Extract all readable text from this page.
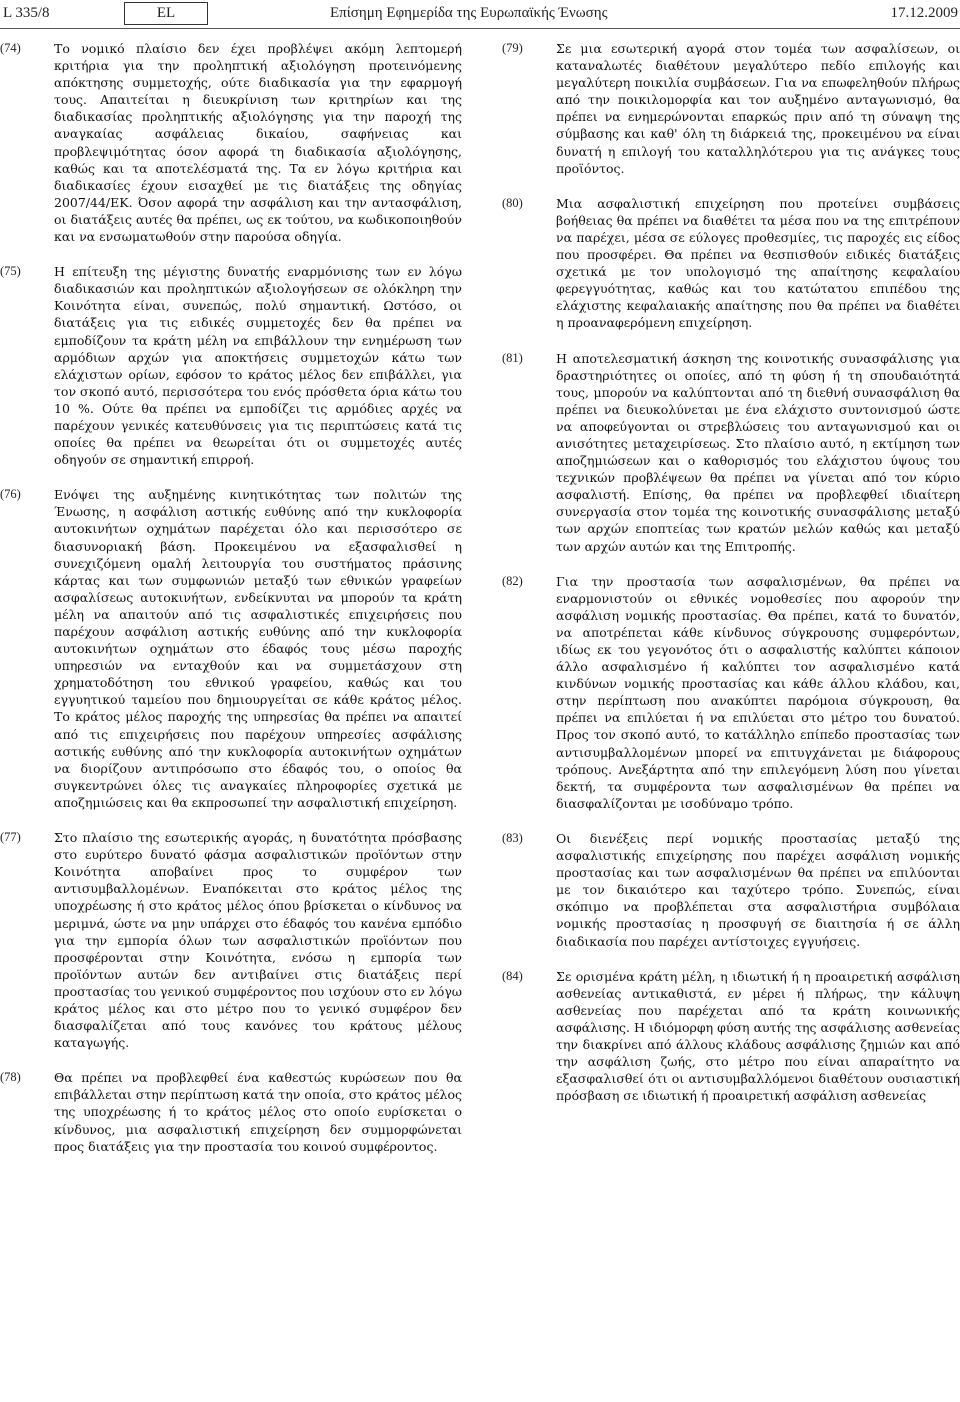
L 335/8	EL	Επίσημη Εφημερίδα της Ευρωπαϊκής Ένωσης	17.12.2009
(74)	Το νομικό πλαίσιο δεν έχει προβλέψει ακόμη λεπτομερή κριτήρια για την προληπτική αξιολόγηση προτεινόμενης απόκτησης συμμετοχής, ούτε διαδικασία για την εφαρμογή τους. Απαιτείται η διευκρίνιση των κριτηρίων και της διαδικασίας προληπτικής αξιολόγησης για την παροχή της αναγκαίας ασφάλειας δικαίου, σαφήνειας και προβλεψιμότητας όσον αφορά τη διαδικασία αξιολόγησης, καθώς και τα αποτελέσματά της. Τα εν λόγω κριτήρια και διαδικασίες έχουν εισαχθεί με τις διατάξεις της οδηγίας 2007/44/ΕΚ. Όσον αφορά την ασφάλιση και την αντασφάλιση, οι διατάξεις αυτές θα πρέπει, ως εκ τούτου, να κωδικοποιηθούν και να ενσωματωθούν στην παρούσα οδηγία.
(75)	Η επίτευξη της μέγιστης δυνατής εναρμόνισης των εν λόγω διαδικασιών και προληπτικών αξιολογήσεων σε ολόκληρη την Κοινότητα είναι, συνεπώς, πολύ σημαντική. Ωστόσο, οι διατάξεις για τις ειδικές συμμετοχές δεν θα πρέπει να εμποδίζουν τα κράτη μέλη να επιβάλλουν την ενημέρωση των αρμόδιων αρχών για αποκτήσεις συμμετοχών κάτω των ελάχιστων ορίων, εφόσον το κράτος μέλος δεν επιβάλλει, για τον σκοπό αυτό, περισσότερα του ενός πρόσθετα όρια κάτω του 10 %. Ούτε θα πρέπει να εμποδίζει τις αρμόδιες αρχές να παρέχουν γενικές κατευθύνσεις για τις περιπτώσεις κατά τις οποίες θα πρέπει να θεωρείται ότι οι συμμετοχές αυτές οδηγούν σε σημαντική επιρροή.
(76)	Ενόψει της αυξημένης κινητικότητας των πολιτών της Ένωσης, η ασφάλιση αστικής ευθύνης από την κυκλοφορία αυτοκινήτων οχημάτων παρέχεται όλο και περισσότερο σε διασυνοριακή βάση. Προκειμένου να εξασφαλισθεί η συνεχιζόμενη ομαλή λειτουργία του συστήματος πράσινης κάρτας και των συμφωνιών μεταξύ των εθνικών γραφείων ασφαλίσεως αυτοκινήτων, ενδείκνυται να μπορούν τα κράτη μέλη να απαιτούν από τις ασφαλιστικές επιχειρήσεις που παρέχουν ασφάλιση αστικής ευθύνης από την κυκλοφορία αυτοκινήτων οχημάτων στο έδαφός τους μέσω παροχής υπηρεσιών να ενταχθούν και να συμμετάσχουν στη χρηματοδότηση του εθνικού γραφείου, καθώς και του εγγυητικού ταμείου που δημιουργείται σε κάθε κράτος μέλος. Το κράτος μέλος παροχής της υπηρεσίας θα πρέπει να απαιτεί από τις επιχειρήσεις που παρέχουν υπηρεσίες ασφάλισης αστικής ευθύνης από την κυκλοφορία αυτοκινήτων οχημάτων να διορίζουν αντιπρόσωπο στο έδαφός του, ο οποίος θα συγκεντρώνει όλες τις αναγκαίες πληροφορίες σχετικά με αποζημιώσεις και θα εκπροσωπεί την ασφαλιστική επιχείρηση.
(77)	Στο πλαίσιο της εσωτερικής αγοράς, η δυνατότητα πρόσβασης στο ευρύτερο δυνατό φάσμα ασφαλιστικών προϊόντων στην Κοινότητα αποβαίνει προς το συμφέρον των αντισυμβαλλομένων. Εναπόκειται στο κράτος μέλος της υποχρέωσης ή στο κράτος μέλος όπου βρίσκεται ο κίνδυνος να μεριμνά, ώστε να μην υπάρχει στο έδαφός του κανένα εμπόδιο για την εμπορία όλων των ασφαλιστικών προϊόντων που προσφέρονται στην Κοινότητα, ενόσω η εμπορία των προϊόντων αυτών δεν αντιβαίνει στις διατάξεις περί προστασίας του γενικού συμφέροντος που ισχύουν στο εν λόγω κράτος μέλος και στο μέτρο που το γενικό συμφέρον δεν διασφαλίζεται από τους κανόνες του κράτους μέλους καταγωγής.
(78)	Θα πρέπει να προβλεφθεί ένα καθεστώς κυρώσεων που θα επιβάλλεται στην περίπτωση κατά την οποία, στο κράτος μέλος της υποχρέωσης ή το κράτος μέλος στο οποίο ευρίσκεται ο κίνδυνος, μια ασφαλιστική επιχείρηση δεν συμμορφώνεται προς διατάξεις για την προστασία του κοινού συμφέροντος.
(79)	Σε μια εσωτερική αγορά στον τομέα των ασφαλίσεων, οι καταναλωτές διαθέτουν μεγαλύτερο πεδίο επιλογής και μεγαλύτερη ποικιλία συμβάσεων. Για να επωφεληθούν πλήρως από την ποικιλομορφία και τον αυξημένο ανταγωνισμό, θα πρέπει να ενημερώνονται επαρκώς πριν από τη σύναψη της σύμβασης και καθ' όλη τη διάρκειά της, προκειμένου να είναι δυνατή η επιλογή του καταλληλότερου για τις ανάγκες τους προϊόντος.
(80)	Μια ασφαλιστική επιχείρηση που προτείνει συμβάσεις βοήθειας θα πρέπει να διαθέτει τα μέσα που να της επιτρέπουν να παρέχει, μέσα σε εύλογες προθεσμίες, τις παροχές εις είδος που προσφέρει. Θα πρέπει να θεσπισθούν ειδικές διατάξεις σχετικά με τον υπολογισμό της απαίτησης κεφαλαίου φερεγγυότητας, καθώς και του κατώτατου επιπέδου της ελάχιστης κεφαλαιακής απαίτησης που θα πρέπει να διαθέτει η προαναφερόμενη επιχείρηση.
(81)	Η αποτελεσματική άσκηση της κοινοτικής συνασφάλισης για δραστηριότητες οι οποίες, από τη φύση ή τη σπουδαιότητά τους, μπορούν να καλύπτονται από τη διεθνή συνασφάλιση θα πρέπει να διευκολύνεται με ένα ελάχιστο συντονισμού ώστε να αποφεύγονται οι στρεβλώσεις του ανταγωνισμού και οι ανισότητες μεταχειρίσεως. Στο πλαίσιο αυτό, η εκτίμηση των αποζημιώσεων και ο καθορισμός του ελάχιστου ύψους του τεχνικών προβλέψεων θα πρέπει να γίνεται από τον κύριο ασφαλιστή. Επίσης, θα πρέπει να προβλεφθεί ιδιαίτερη συνεργασία στον τομέα της κοινοτικής συνασφάλισης μεταξύ των αρχών εποπτείας των κρατών μελών καθώς και μεταξύ των αρχών αυτών και της Επιτροπής.
(82)	Για την προστασία των ασφαλισμένων, θα πρέπει να εναρμονιστούν οι εθνικές νομοθεσίες που αφορούν την ασφάλιση νομικής προστασίας. Θα πρέπει, κατά το δυνατόν, να αποτρέπεται κάθε κίνδυνος σύγκρουσης συμφερόντων, ιδίως εκ του γεγονότος ότι ο ασφαλιστής καλύπτει κάποιον άλλο ασφαλισμένο ή καλύπτει τον ασφαλισμένο κατά κινδύνων νομικής προστασίας και κάθε άλλου κλάδου, και, στην περίπτωση που ανακύπτει παρόμοια σύγκρουση, θα πρέπει να επιλύεται ή να επιλύεται στο μέτρο του δυνατού. Προς τον σκοπό αυτό, το κατάλληλο επίπεδο προστασίας των αντισυμβαλλομένων μπορεί να επιτυγχάνεται με διάφορους τρόπους. Ανεξάρτητα από την επιλεγόμενη λύση που γίνεται δεκτή, τα συμφέροντα των ασφαλισμένων θα πρέπει να διασφαλίζονται με ισοδύναμο τρόπο.
(83)	Οι διενέξεις περί νομικής προστασίας μεταξύ της ασφαλιστικής επιχείρησης που παρέχει ασφάλιση νομικής προστασίας και των ασφαλισμένων θα πρέπει να επιλύονται με τον δικαιότερο και ταχύτερο τρόπο. Συνεπώς, είναι σκόπιμο να προβλέπεται στα ασφαλιστήρια συμβόλαια νομικής προστασίας η προσφυγή σε διαιτησία ή σε άλλη διαδικασία που παρέχει αντίστοιχες εγγυήσεις.
(84)	Σε ορισμένα κράτη μέλη, η ιδιωτική ή η προαιρετική ασφάλιση ασθενείας αντικαθιστά, εν μέρει ή πλήρως, την κάλυψη ασθενείας που παρέχεται από τα κράτη κοινωνικής ασφάλισης. Η ιδιόμορφη φύση αυτής της ασφάλισης ασθενείας την διακρίνει από άλλους κλάδους ασφάλισης ζημιών και από την ασφάλιση ζωής, στο μέτρο που είναι απαραίτητο να εξασφαλισθεί ότι οι αντισυμβαλλόμενοι διαθέτουν ουσιαστική πρόσβαση σε ιδιωτική ή προαιρετική ασφάλιση ασθενείας
